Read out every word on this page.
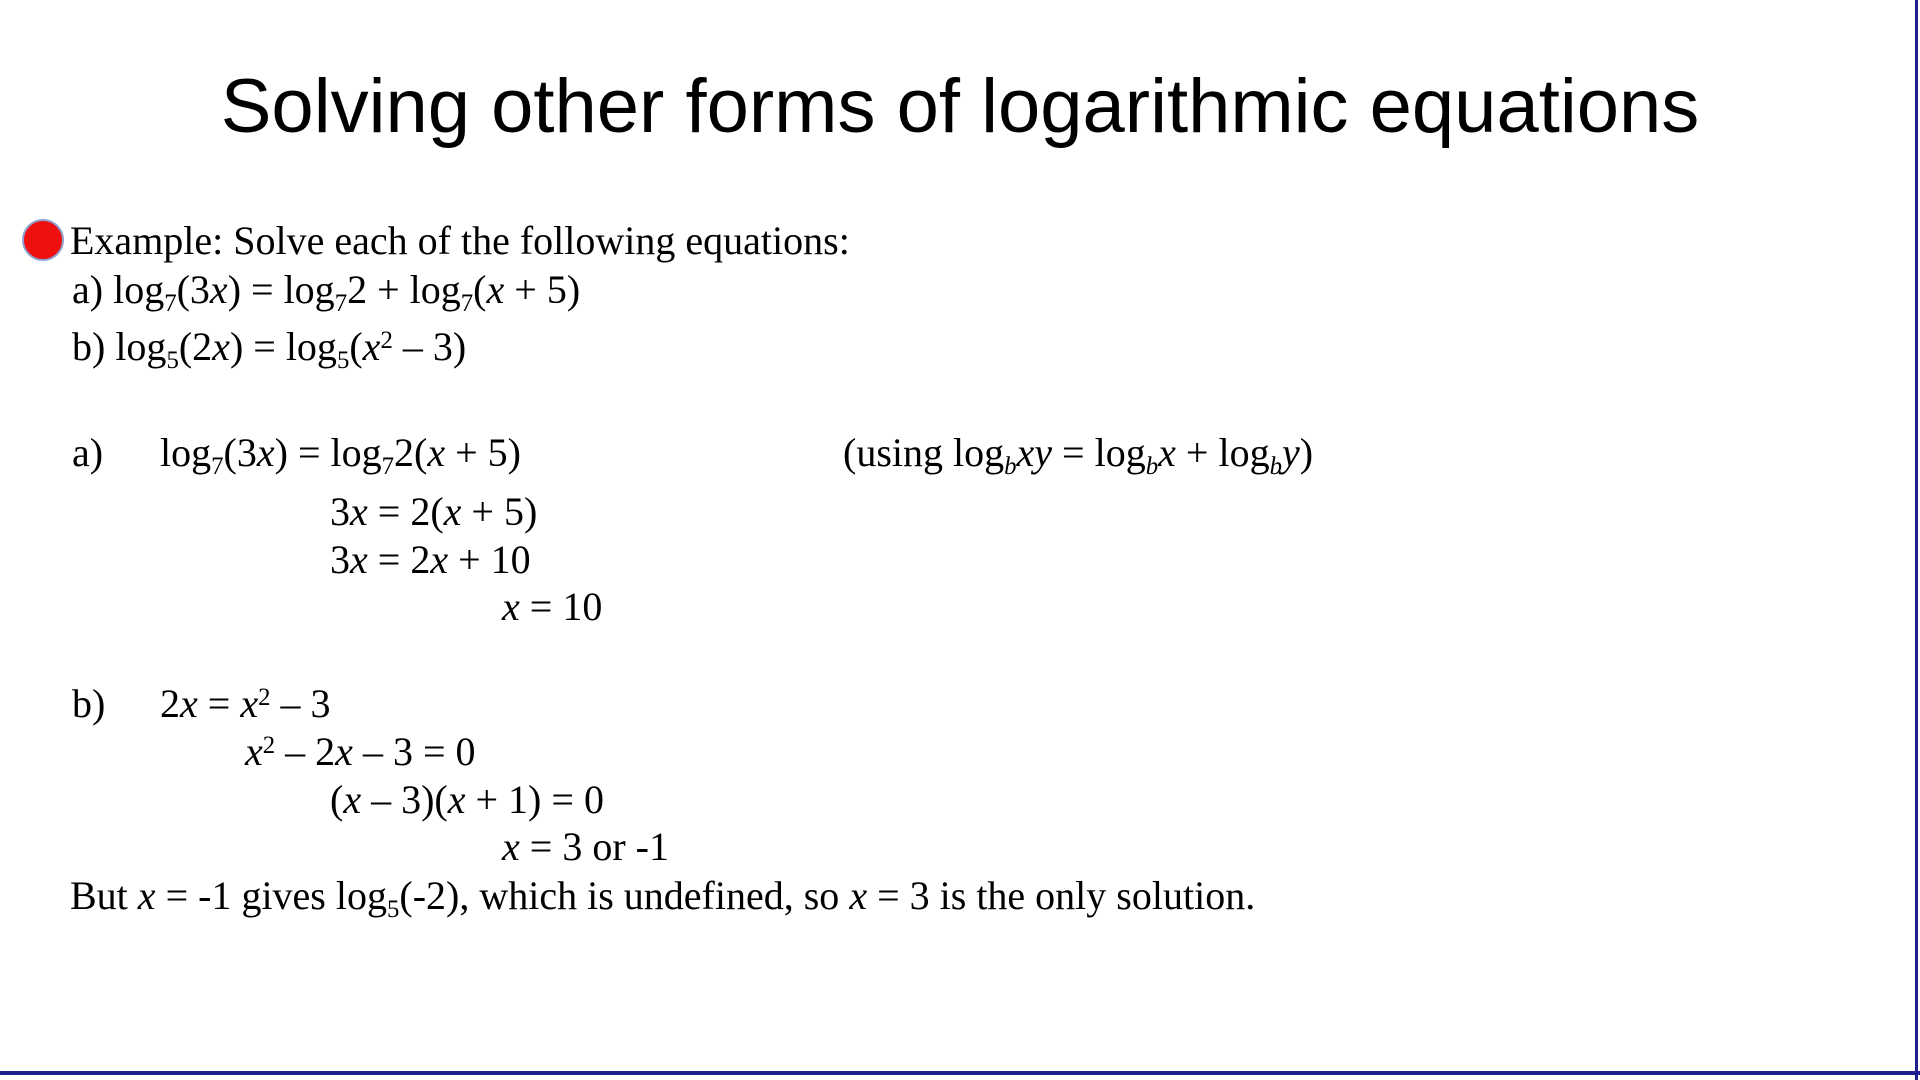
Solving other forms of logarithmic equations
Example: Solve each of the following equations:
a) log7(3x) = log72 + log7(x + 5)
b) $\log 5(2x) = \log 5(x^2 - 3)$
a) log7(3x) = log72(x + 5)	(using logbxy = logbx + logby)
3x = 2(x + 5)
3x = 2x + 10
x = 10
b) $2x = x^2 - 3$
$x^2 - 2x - 3 = 0$
(x – 3)(x + 1) = 0
x = 3 or -1
But x = -1 gives log5(-2), which is undefined, so x = 3 is the only solution.
